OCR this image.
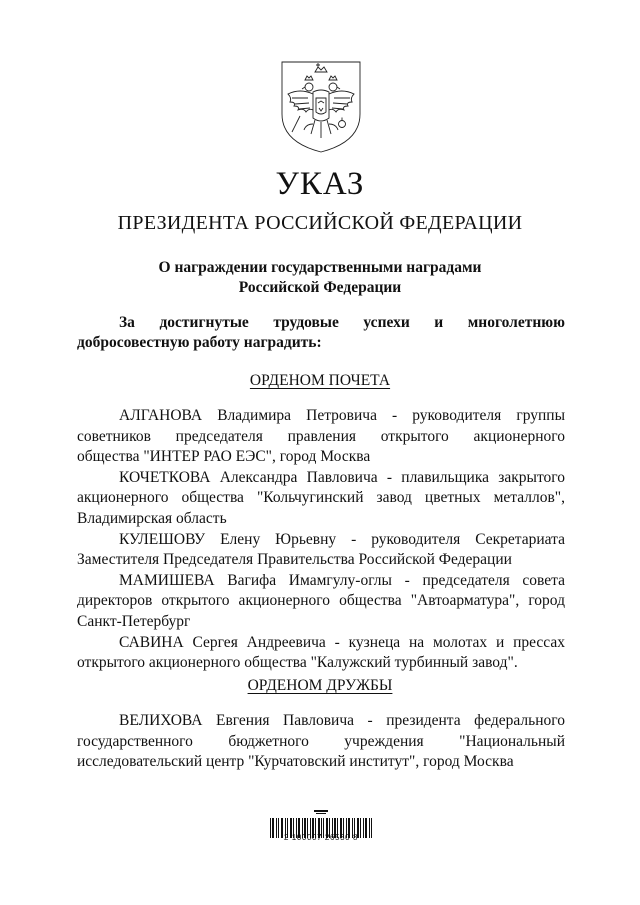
УКАЗ
ПРЕЗИДЕНТА РОССИЙСКОЙ ФЕДЕРАЦИИ
О награждении государственными наградами
Российской Федерации
За достигнутые трудовые успехи и многолетнюю
добросовестную работу наградить:
ОРДЕНОМ ПОЧЕТА

АЛГАНОВА Владимира Петровича - руководителя группы
советников председателя правления открытого акционерного
общества "ИНТЕР РАО ЕЭС", город Москва

КОЧЕТКОВА Александра Павловича - плавильщика закрытого
акционерного общества "Кольчугинский завод цветных металлов",
Владимирская область

КУЛЕШОВУ Елену Юрьевну - руководителя Секретариата
Заместителя Председателя Правительства Российской Федерации

МАМИШЕВА Вагифа Имамгулу-оглы - председателя совета
директоров открытого акционерного общества "Автоарматура", город
Санкт-Петербург

САВИНА Сергея Андреевича - кузнеца на молотах и прессах
открытого акционерного общества "Калужский турбинный завод".

ОРДЕНОМ ДРУЖБЫ

ВЕЛИХОВА Евгения Павловича - президента федерального
государственного бюджетного учреждения "Национальный
исследовательский центр "Курчатовский институт", город Москва

2 100007 26530 8
